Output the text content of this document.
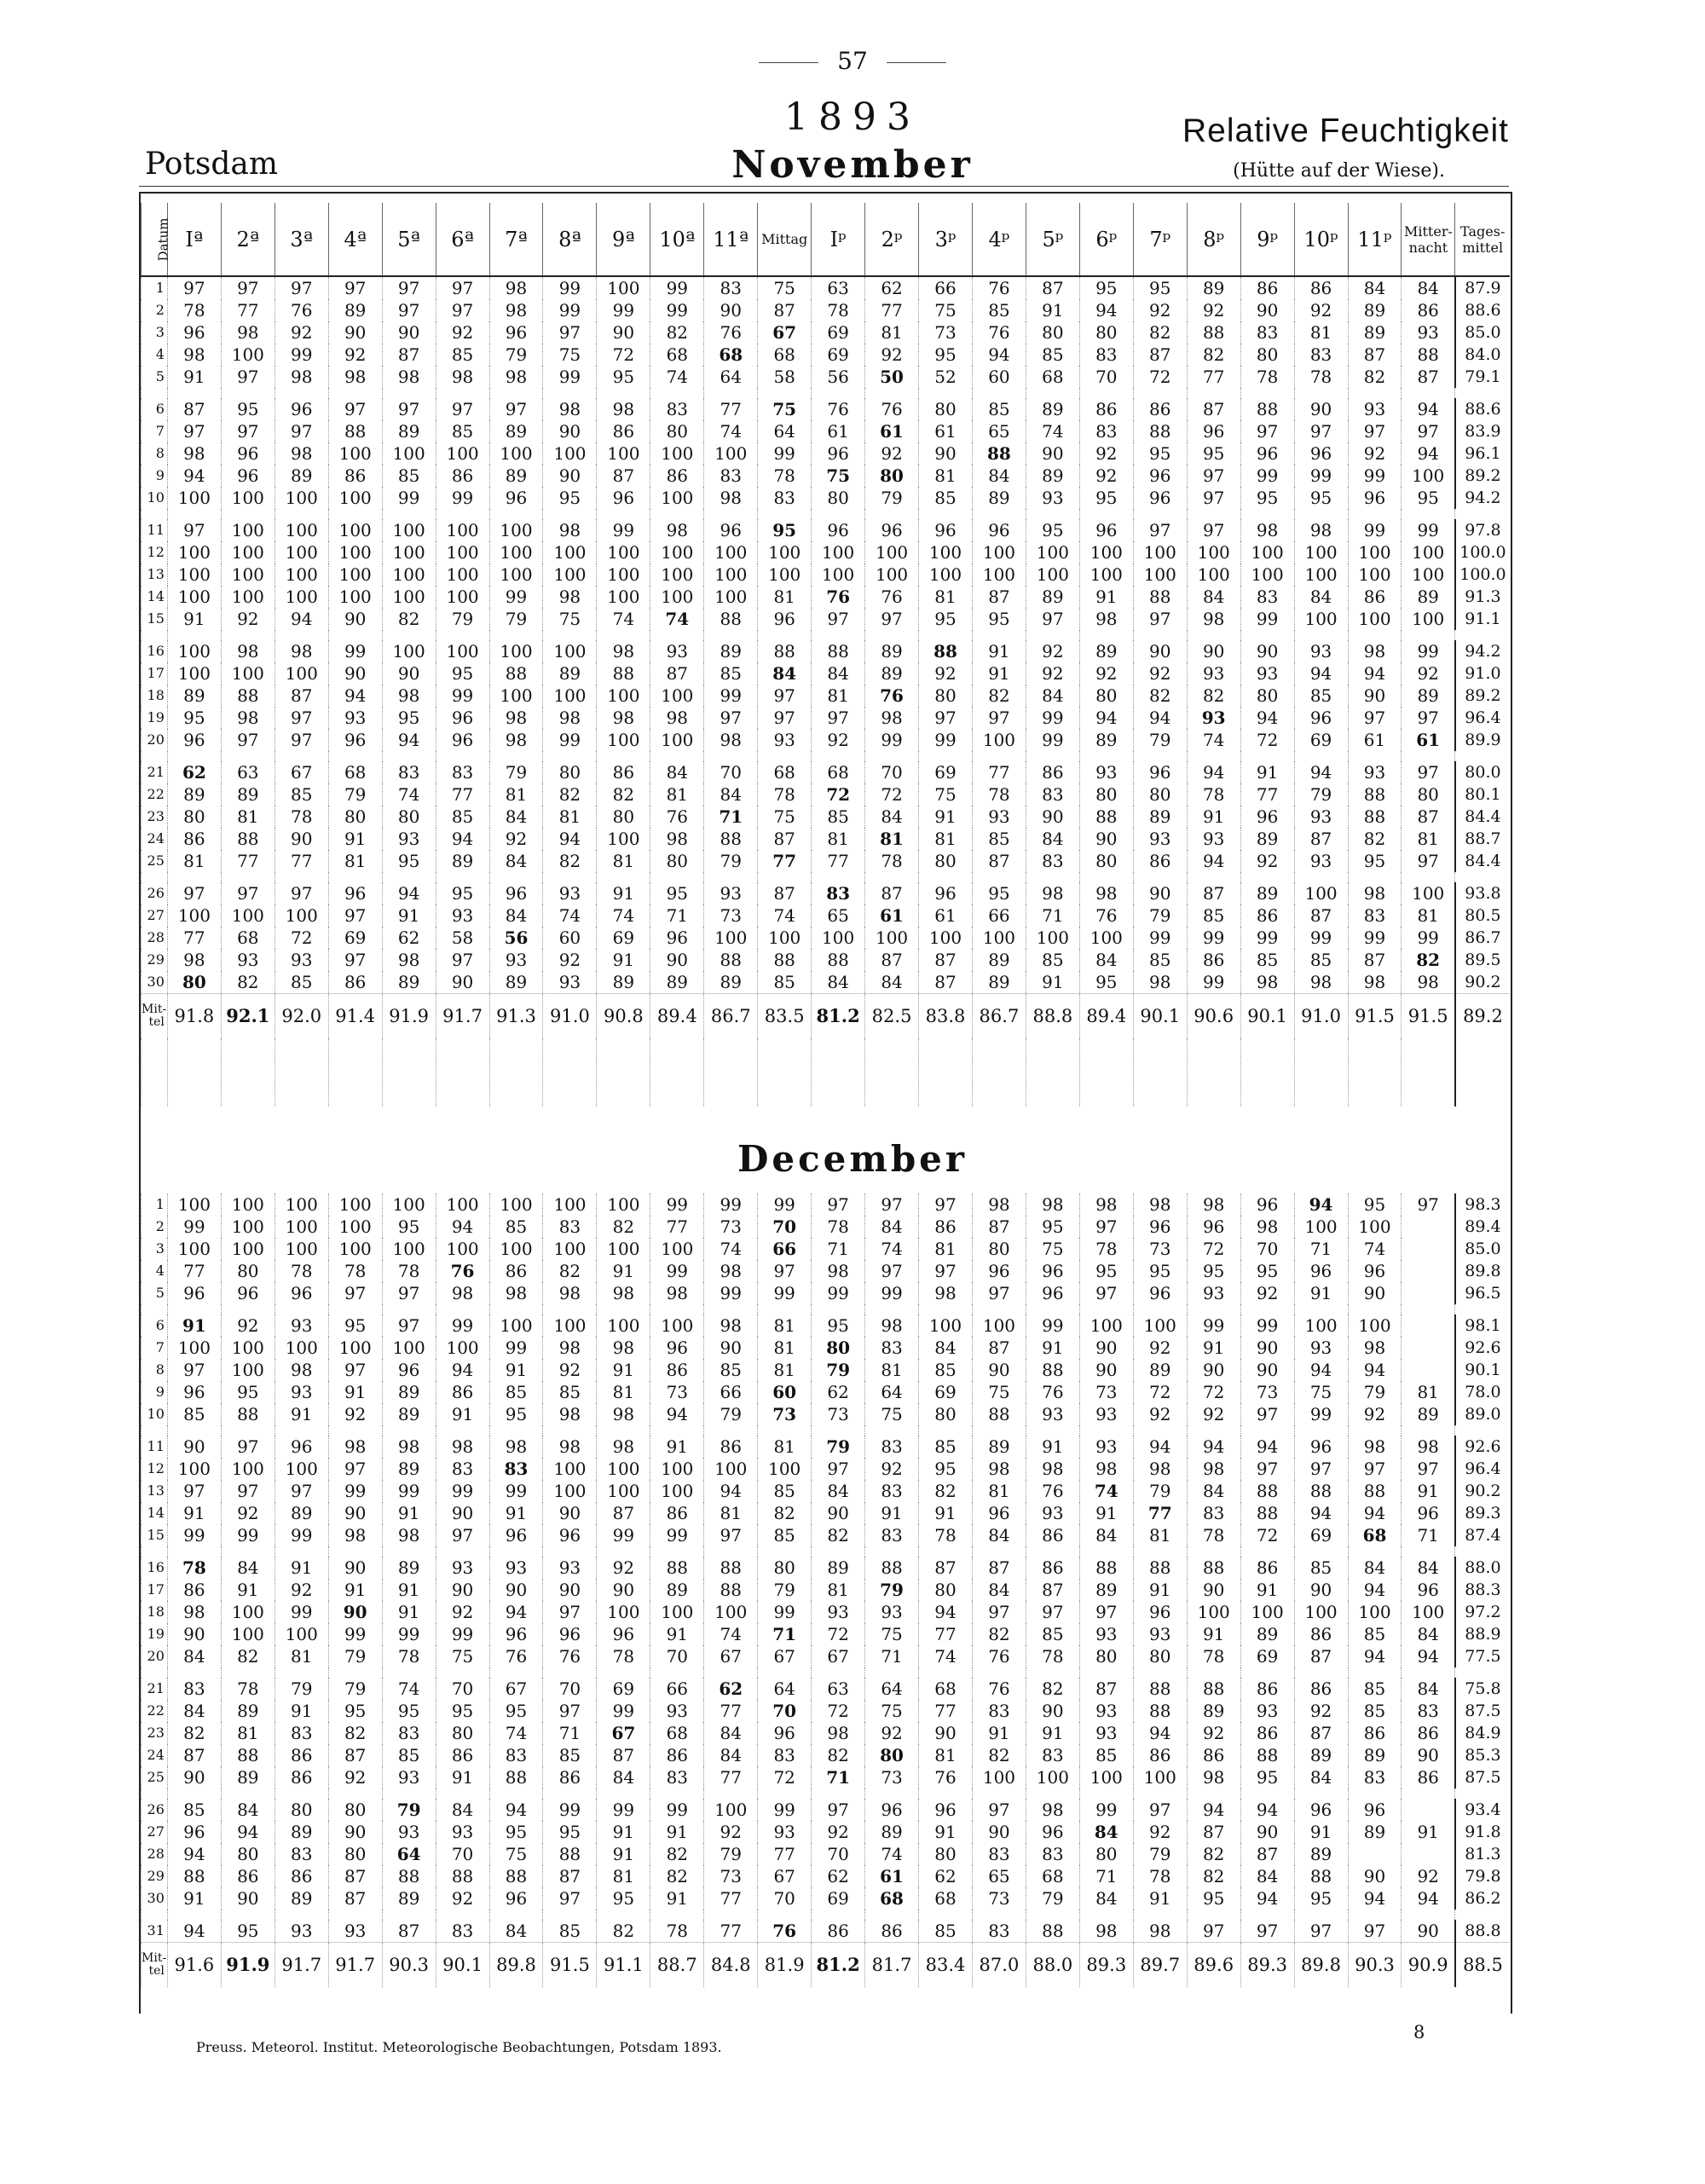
57
1893
Potsdam	November
Relative Feuchtigkeit
(Hütte auf der Wiese).
Datum	Iª	2ª	3ª	4ª	5ª	6ª	7ª	8ª	9ª	10ª	11ª	Mittag	Iᵖ	2ᵖ	3ᵖ	4ᵖ	5ᵖ	6ᵖ	7ᵖ	8ᵖ	9ᵖ	10ᵖ	11ᵖ	Mitter-nacht	Tages-mittel
1	97	97	97	97	97	97	98	99	100	99	83	75	63	62	66	76	87	95	95	89	86	86	84	84	87.9
2	78	77	76	89	97	97	98	99	99	99	90	87	78	77	75	85	91	94	92	92	90	92	89	86	88.6
3	96	98	92	90	90	92	96	97	90	82	76	67	69	81	73	76	80	80	82	88	83	81	89	93	85.0
4	98	100	99	92	87	85	79	75	72	68	68	68	69	92	95	94	85	83	87	82	80	83	87	88	84.0
5	91	97	98	98	98	98	98	99	95	74	64	58	56	50	52	60	68	70	72	77	78	78	82	87	79.1

6	87	95	96	97	97	97	97	98	98	83	77	75	76	76	80	85	89	86	86	87	88	90	93	94	88.6
7	97	97	97	88	89	85	89	90	86	80	74	64	61	61	61	65	74	83	88	96	97	97	97	97	83.9
8	98	96	98	100	100	100	100	100	100	100	100	99	96	92	90	88	90	92	95	95	96	96	92	94	96.1
9	94	96	89	86	85	86	89	90	87	86	83	78	75	80	81	84	89	92	96	97	99	99	99	100	89.2
10	100	100	100	100	99	99	96	95	96	100	98	83	80	79	85	89	93	95	96	97	95	95	96	95	94.2

11	97	100	100	100	100	100	100	98	99	98	96	95	96	96	96	96	95	96	97	97	98	98	99	99	97.8
12	100	100	100	100	100	100	100	100	100	100	100	100	100	100	100	100	100	100	100	100	100	100	100	100	100.0
13	100	100	100	100	100	100	100	100	100	100	100	100	100	100	100	100	100	100	100	100	100	100	100	100	100.0
14	100	100	100	100	100	100	99	98	100	100	100	81	76	76	81	87	89	91	88	84	83	84	86	89	91.3
15	91	92	94	90	82	79	79	75	74	74	88	96	97	97	95	95	97	98	97	98	99	100	100	100	91.1

16	100	98	98	99	100	100	100	100	98	93	89	88	88	89	88	91	92	89	90	90	90	93	98	99	94.2
17	100	100	100	90	90	95	88	89	88	87	85	84	84	89	92	91	92	92	92	93	93	94	94	92	91.0
18	89	88	87	94	98	99	100	100	100	100	99	97	81	76	80	82	84	80	82	82	80	85	90	89	89.2
19	95	98	97	93	95	96	98	98	98	98	97	97	97	98	97	97	99	94	94	93	94	96	97	97	96.4
20	96	97	97	96	94	96	98	99	100	100	98	93	92	99	99	100	99	89	79	74	72	69	61	61	89.9

21	62	63	67	68	83	83	79	80	86	84	70	68	68	70	69	77	86	93	96	94	91	94	93	97	80.0
22	89	89	85	79	74	77	81	82	82	81	84	78	72	72	75	78	83	80	80	78	77	79	88	80	80.1
23	80	81	78	80	80	85	84	81	80	76	71	75	85	84	91	93	90	88	89	91	96	93	88	87	84.4
24	86	88	90	91	93	94	92	94	100	98	88	87	81	81	81	85	84	90	93	93	89	87	82	81	88.7
25	81	77	77	81	95	89	84	82	81	80	79	77	77	78	80	87	83	80	86	94	92	93	95	97	84.4

26	97	97	97	96	94	95	96	93	91	95	93	87	83	87	96	95	98	98	90	87	89	100	98	100	93.8
27	100	100	100	97	91	93	84	74	74	71	73	74	65	61	61	66	71	76	79	85	86	87	83	81	80.5
28	77	68	72	69	62	58	56	60	69	96	100	100	100	100	100	100	100	100	99	99	99	99	99	99	86.7
29	98	93	93	97	98	97	93	92	91	90	88	88	88	87	87	89	85	84	85	86	85	85	87	82	89.5
30	80	82	85	86	89	90	89	93	89	89	89	85	84	84	87	89	91	95	98	99	98	98	98	98	90.2
Mit-tel	91.8	92.1	92.0	91.4	91.9	91.7	91.3	91.0	90.8	89.4	86.7	83.5	81.2	82.5	83.8	86.7	88.8	89.4	90.1	90.6	90.1	91.0	91.5	91.5	89.2

December
1	100	100	100	100	100	100	100	100	100	99	99	99	97	97	97	98	98	98	98	98	96	94	95	97	98.3
2	99	100	100	100	95	94	85	83	82	77	73	70	78	84	86	87	95	97	96	96	98	100	100		89.4
3	100	100	100	100	100	100	100	100	100	100	74	66	71	74	81	80	75	78	73	72	70	71	74		85.0
4	77	80	78	78	78	76	86	82	91	99	98	97	98	97	97	96	96	95	95	95	95	96	96		89.8
5	96	96	96	97	97	98	98	98	98	98	99	99	99	99	98	97	96	97	96	93	92	91	90		96.5

6	91	92	93	95	97	99	100	100	100	100	98	81	95	98	100	100	99	100	100	99	99	100	100		98.1
7	100	100	100	100	100	100	99	98	98	96	90	81	80	83	84	87	91	90	92	91	90	93	98		92.6
8	97	100	98	97	96	94	91	92	91	86	85	81	79	81	85	90	88	90	89	90	90	94	94		90.1
9	96	95	93	91	89	86	85	85	81	73	66	60	62	64	69	75	76	73	72	72	73	75	79	81	78.0
10	85	88	91	92	89	91	95	98	98	94	79	73	73	75	80	88	93	93	92	92	97	99	92	89	89.0

11	90	97	96	98	98	98	98	98	98	91	86	81	79	83	85	89	91	93	94	94	94	96	98	98	92.6
12	100	100	100	97	89	83	83	100	100	100	100	100	97	92	95	98	98	98	98	98	97	97	97	97	96.4
13	97	97	97	99	99	99	99	100	100	100	94	85	84	83	82	81	76	74	79	84	88	88	88	91	90.2
14	91	92	89	90	91	90	91	90	87	86	81	82	90	91	91	96	93	91	77	83	88	94	94	96	89.3
15	99	99	99	98	98	97	96	96	99	99	97	85	82	83	78	84	86	84	81	78	72	69	68	71	87.4

16	78	84	91	90	89	93	93	93	92	88	88	80	89	88	87	87	86	88	88	88	86	85	84	84	88.0
17	86	91	92	91	91	90	90	90	90	89	88	79	81	79	80	84	87	89	91	90	91	90	94	96	88.3
18	98	100	99	90	91	92	94	97	100	100	100	99	93	93	94	97	97	97	96	100	100	100	100	100	97.2
19	90	100	100	99	99	99	96	96	96	91	74	71	72	75	77	82	85	93	93	91	89	86	85	84	88.9
20	84	82	81	79	78	75	76	76	78	70	67	67	67	71	74	76	78	80	80	78	69	87	94	94	77.5

21	83	78	79	79	74	70	67	70	69	66	62	64	63	64	68	76	82	87	88	88	86	86	85	84	75.8
22	84	89	91	95	95	95	95	97	99	93	77	70	72	75	77	83	90	93	88	89	93	92	85	83	87.5
23	82	81	83	82	83	80	74	71	67	68	84	96	98	92	90	91	91	93	94	92	86	87	86	86	84.9
24	87	88	86	87	85	86	83	85	87	86	84	83	82	80	81	82	83	85	86	86	88	89	89	90	85.3
25	90	89	86	92	93	91	88	86	84	83	77	72	71	73	76	100	100	100	100	98	95	84	83	86	87.5

26	85	84	80	80	79	84	94	99	99	99	100	99	97	96	96	97	98	99	97	94	94	96	96		93.4
27	96	94	89	90	93	93	95	95	91	91	92	93	92	89	91	90	96	84	92	87	90	91	89	91	91.8
28	94	80	83	80	64	70	75	88	91	82	79	77	70	74	80	83	83	80	79	82	87	89			81.3
29	88	86	86	87	88	88	88	87	81	82	73	67	62	61	62	65	68	71	78	82	84	88	90	92	79.8
30	91	90	89	87	89	92	96	97	95	91	77	70	69	68	68	73	79	84	91	95	94	95	94	94	86.2

31	94	95	93	93	87	83	84	85	82	78	77	76	86	86	85	83	88	98	98	97	97	97	97	90	88.8
Mit-tel	91.6	91.9	91.7	91.7	90.3	90.1	89.8	91.5	91.1	88.7	84.8	81.9	81.2	81.7	83.4	87.0	88.0	89.3	89.7	89.6	89.3	89.8	90.3	90.9	88.5
Preuss. Meteorol. Institut. Meteorologische Beobachtungen, Potsdam 1893.
8
